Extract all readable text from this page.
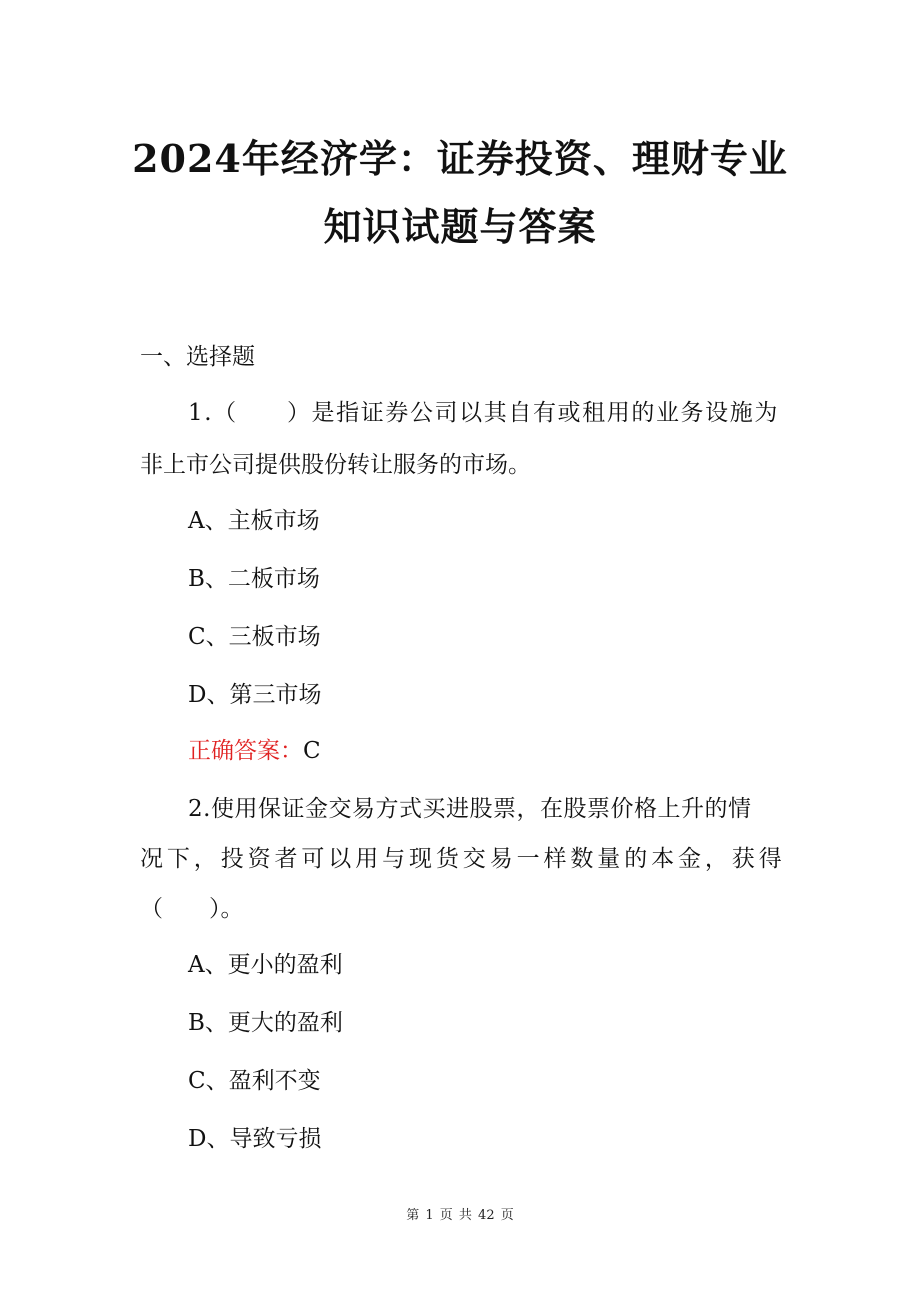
2024年经济学：证券投资、理财专业
知识试题与答案
一、选择题
1.（　　）是指证券公司以其自有或租用的业务设施为
非上市公司提供股份转让服务的市场。
A、主板市场
B、二板市场
C、三板市场
D、第三市场
正确答案：C
2.使用保证金交易方式买进股票，在股票价格上升的情
况下，投资者可以用与现货交易一样数量的本金，获得
（　　）。
A、更小的盈利
B、更大的盈利
C、盈利不变
D、导致亏损
第 1 页 共 42 页
